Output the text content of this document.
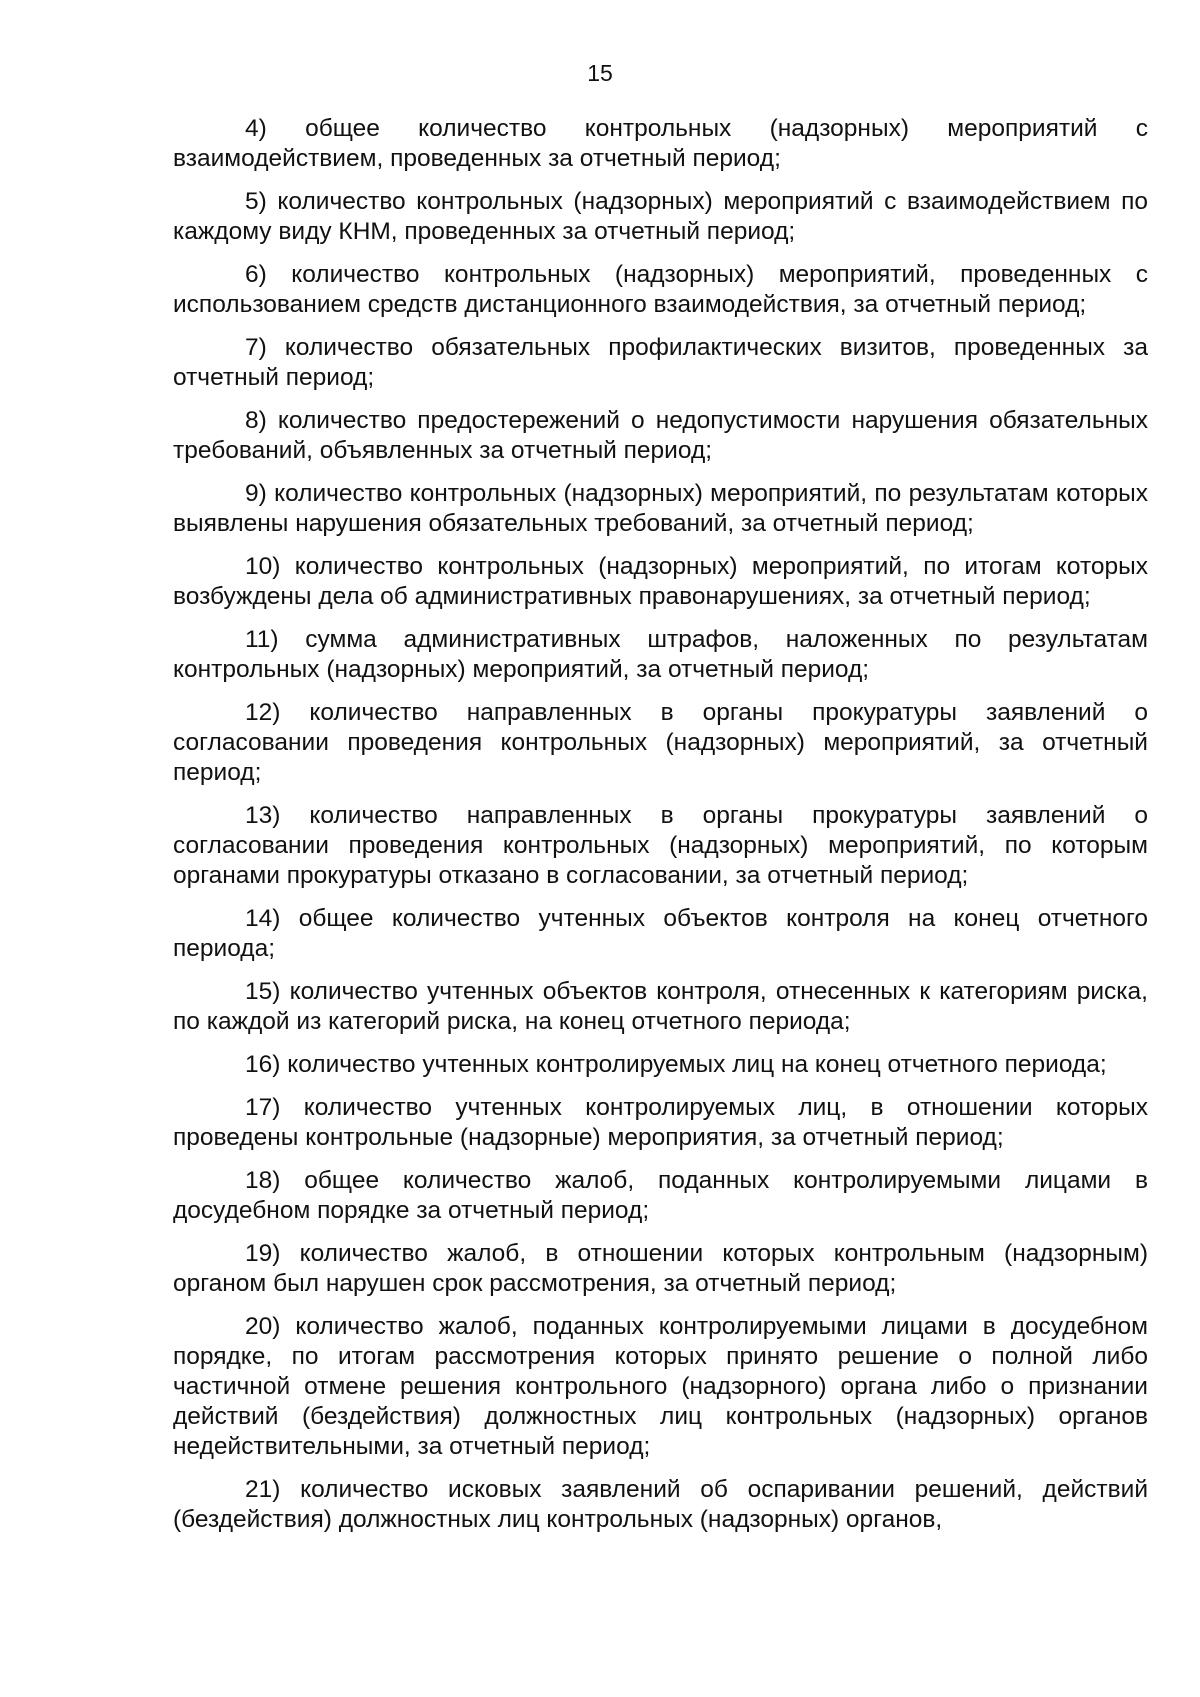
15

4) общее количество контрольных (надзорных) мероприятий с взаимодействием, проведенных за отчетный период;

5) количество контрольных (надзорных) мероприятий с взаимодействием по каждому виду КНМ, проведенных за отчетный период;

6) количество контрольных (надзорных) мероприятий, проведенных с использованием средств дистанционного взаимодействия, за отчетный период;

7) количество обязательных профилактических визитов, проведенных за отчетный период;

8) количество предостережений о недопустимости нарушения обязательных требований, объявленных за отчетный период;

9) количество контрольных (надзорных) мероприятий, по результатам которых выявлены нарушения обязательных требований, за отчетный период;

10) количество контрольных (надзорных) мероприятий, по итогам которых возбуждены дела об административных правонарушениях, за отчетный период;

11) сумма административных штрафов, наложенных по результатам контрольных (надзорных) мероприятий, за отчетный период;

12) количество направленных в органы прокуратуры заявлений о согласовании проведения контрольных (надзорных) мероприятий, за отчетный период;

13) количество направленных в органы прокуратуры заявлений о согласовании проведения контрольных (надзорных) мероприятий, по которым органами прокуратуры отказано в согласовании, за отчетный период;

14) общее количество учтенных объектов контроля на конец отчетного периода;

15) количество учтенных объектов контроля, отнесенных к категориям риска, по каждой из категорий риска, на конец отчетного периода;

16) количество учтенных контролируемых лиц на конец отчетного периода;

17) количество учтенных контролируемых лиц, в отношении которых проведены контрольные (надзорные) мероприятия, за отчетный период;

18) общее количество жалоб, поданных контролируемыми лицами в досудебном порядке за отчетный период;

19) количество жалоб, в отношении которых контрольным (надзорным) органом был нарушен срок рассмотрения, за отчетный период;

20) количество жалоб, поданных контролируемыми лицами в досудебном порядке, по итогам рассмотрения которых принято решение о полной либо частичной отмене решения контрольного (надзорного) органа либо о признании действий (бездействия) должностных лиц контрольных (надзорных) органов недействительными, за отчетный период;

21) количество исковых заявлений об оспаривании решений, действий (бездействия) должностных лиц контрольных (надзорных) органов,
